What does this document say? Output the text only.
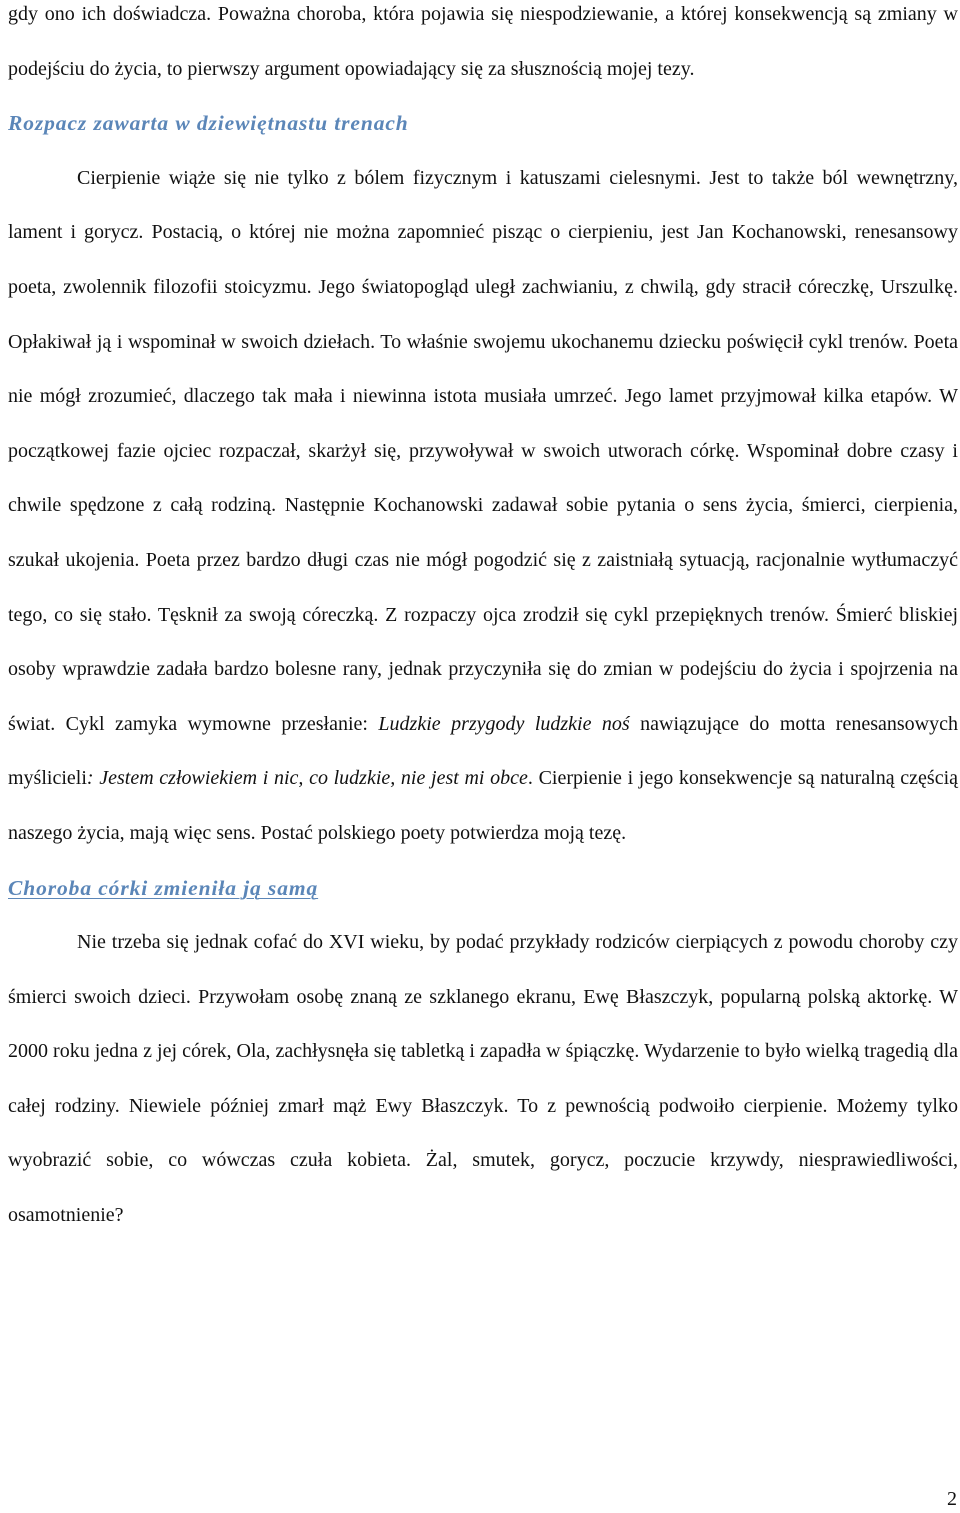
gdy ono ich doświadcza. Poważna choroba, która pojawia się niespodziewanie, a której konsekwencją są zmiany w podejściu do życia, to pierwszy argument opowiadający się za słusznością mojej tezy.

Rozpacz zawarta w dziewiętnastu trenach

Cierpienie wiąże się nie tylko z bólem fizycznym i katuszami cielesnymi. Jest to także ból wewnętrzny, lament i gorycz. Postacią, o której nie można zapomnieć pisząc o cierpieniu, jest Jan Kochanowski, renesansowy poeta, zwolennik filozofii stoicyzmu. Jego światopogląd uległ zachwianiu, z chwilą, gdy stracił córeczkę, Urszulkę. Opłakiwał ją i wspominał w swoich dziełach. To właśnie swojemu ukochanemu dziecku poświęcił cykl trenów. Poeta nie mógł zrozumieć, dlaczego tak mała i niewinna istota musiała umrzeć. Jego lamet przyjmował kilka etapów. W początkowej fazie ojciec rozpaczał, skarżył się, przywoływał w swoich utworach córkę. Wspominał dobre czasy i chwile spędzone z całą rodziną. Następnie Kochanowski zadawał sobie pytania o sens życia, śmierci, cierpienia, szukał ukojenia. Poeta przez bardzo długi czas nie mógł pogodzić się z zaistniałą sytuacją, racjonalnie wytłumaczyć tego, co się stało. Tęsknił za swoją córeczką. Z rozpaczy ojca zrodził się cykl przepięknych trenów. Śmierć bliskiej osoby wprawdzie zadała bardzo bolesne rany, jednak przyczyniła się do zmian w podejściu do życia i spojrzenia na świat. Cykl zamyka wymowne przesłanie: Ludzkie przygody ludzkie noś nawiązujące do motta renesansowych myślicieli: Jestem człowiekiem i nic, co ludzkie, nie jest mi obce. Cierpienie i jego konsekwencje są naturalną częścią naszego życia, mają więc sens. Postać polskiego poety potwierdza moją tezę.

Choroba córki zmieniła ją samą

Nie trzeba się jednak cofać do XVI wieku, by podać przykłady rodziców cierpiących z powodu choroby czy śmierci swoich dzieci. Przywołam osobę znaną ze szklanego ekranu, Ewę Błaszczyk, popularną polską aktorkę. W 2000 roku jedna z jej córek, Ola, zachłysnęła się tabletką i zapadła w śpiączkę. Wydarzenie to było wielką tragedią dla całej rodziny. Niewiele później zmarł mąż Ewy Błaszczyk. To z pewnością podwoiło cierpienie. Możemy tylko wyobrazić sobie, co wówczas czuła kobieta. Żal, smutek, gorycz, poczucie krzywdy, niesprawiedliwości, osamotnienie?

2
